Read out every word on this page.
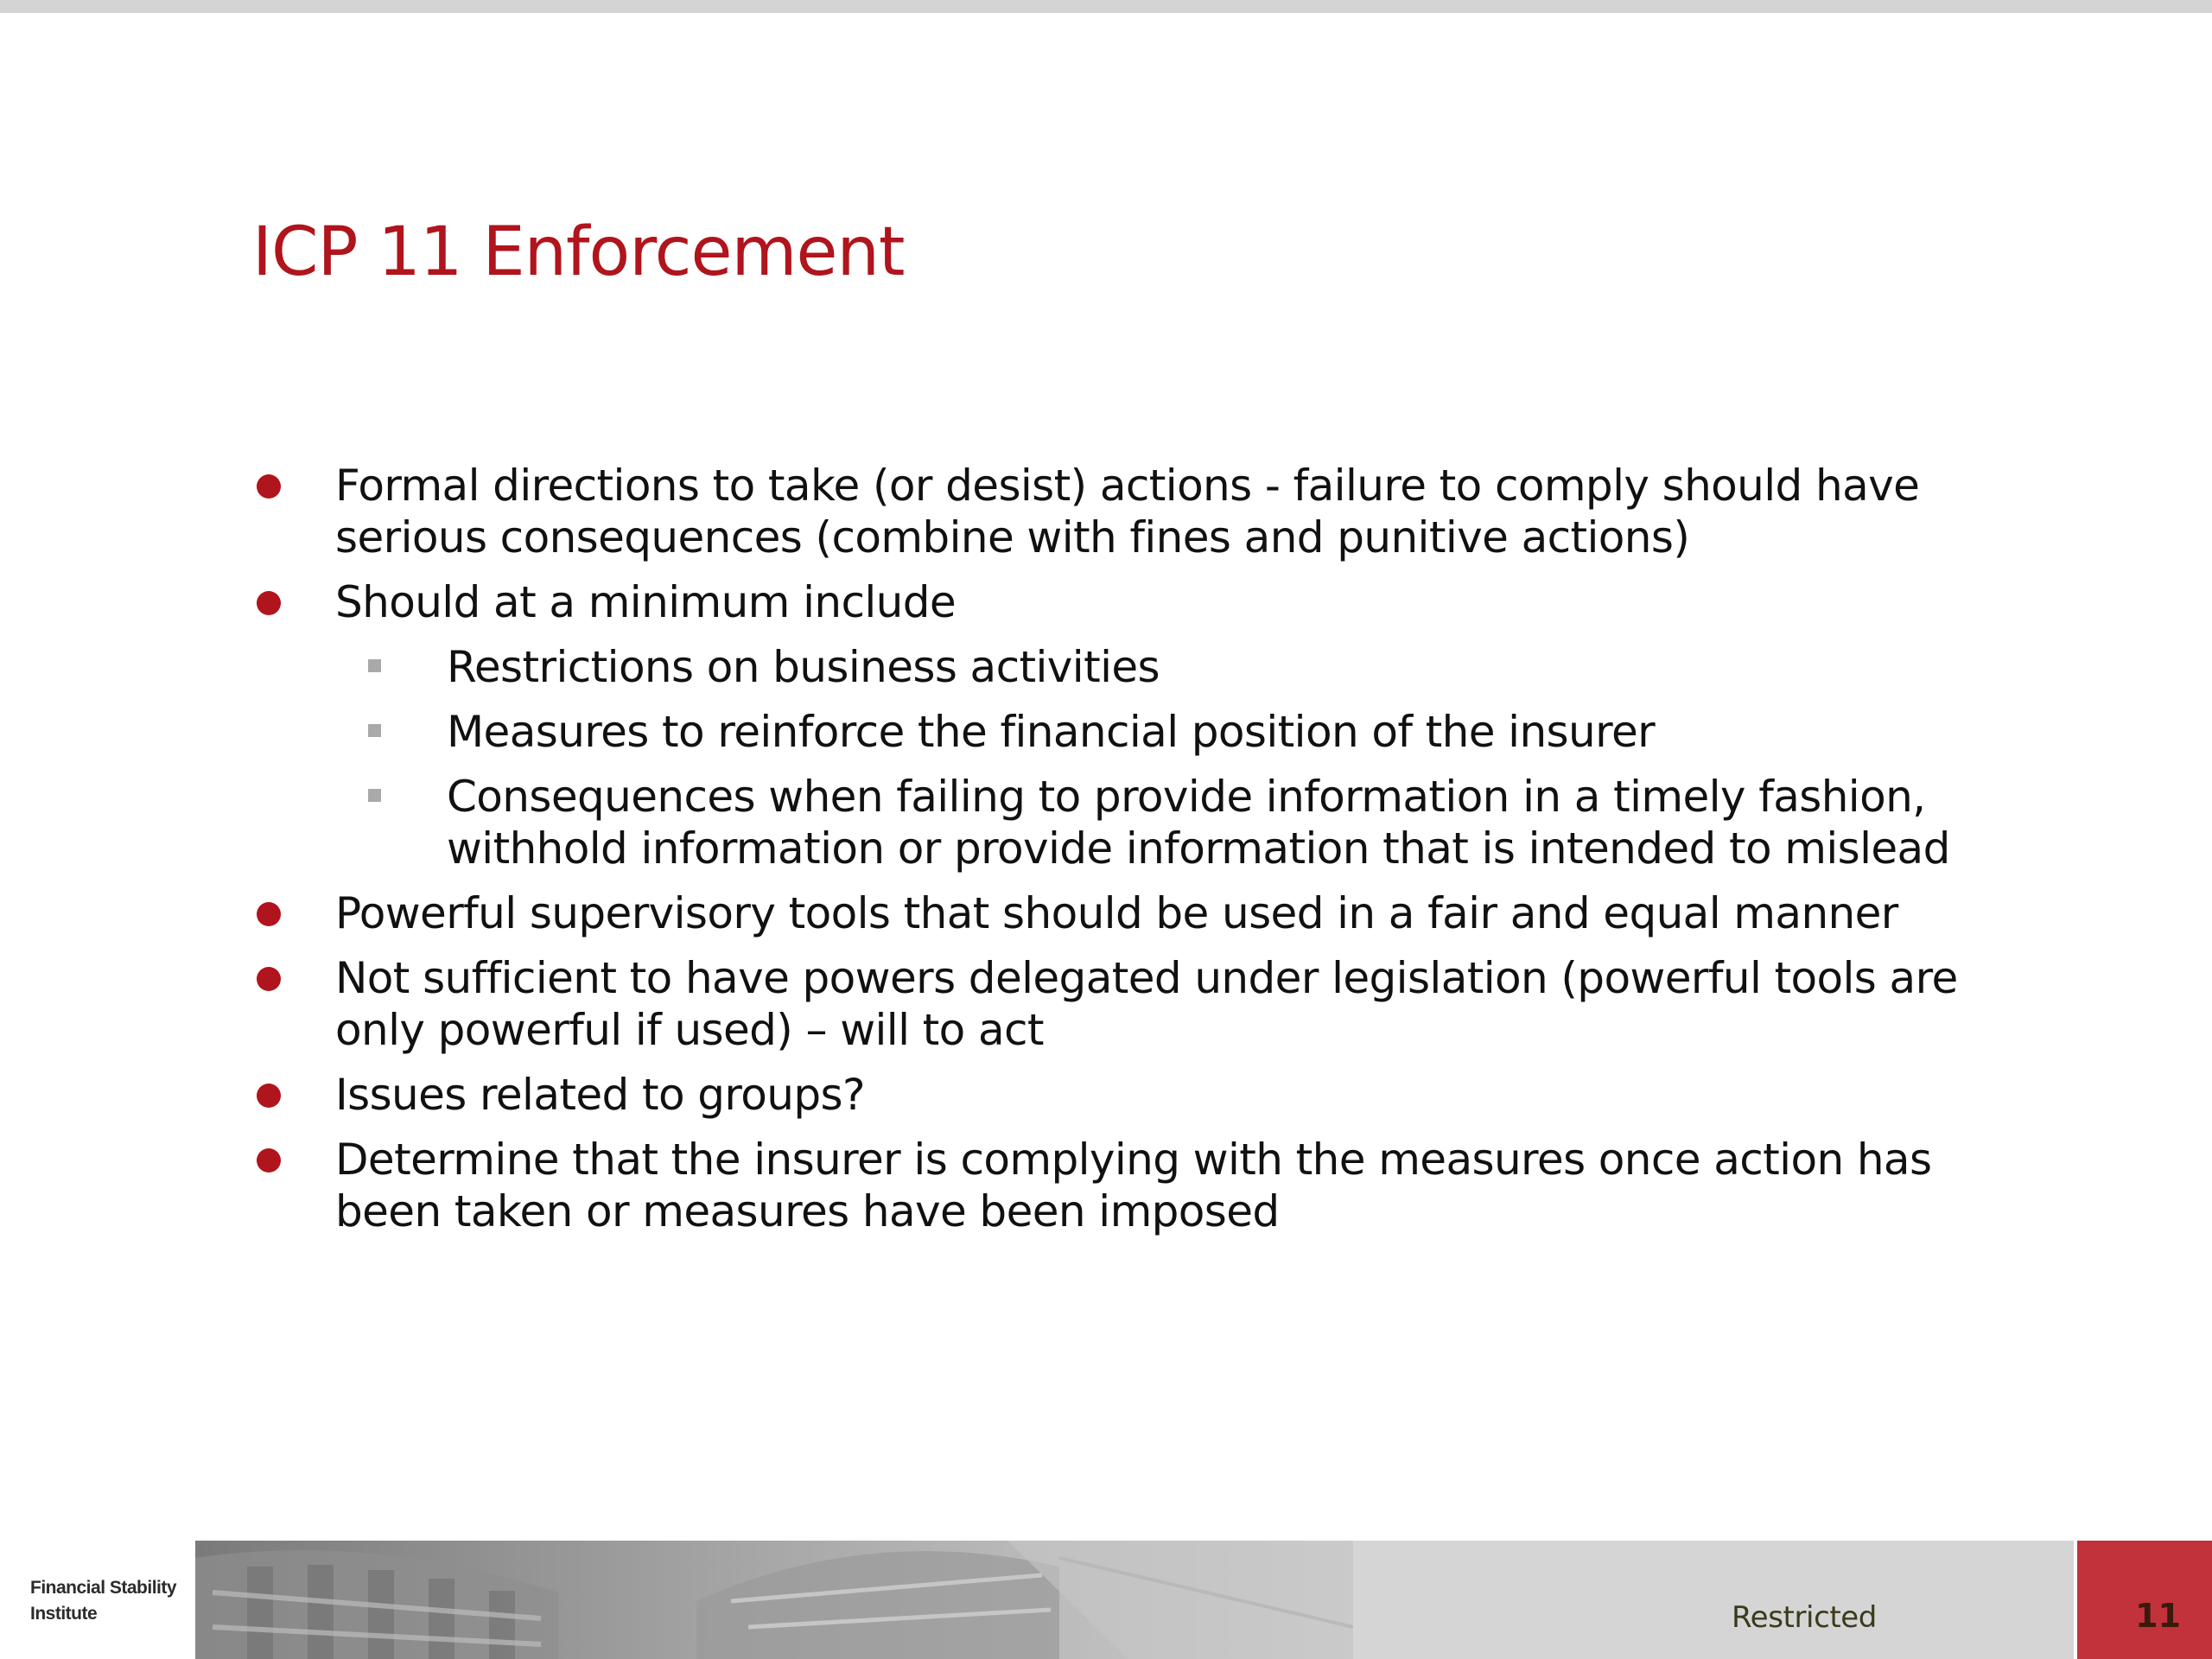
ICP 11 Enforcement
Formal directions to take (or desist) actions - failure to comply should have serious consequences (combine with fines and punitive actions)
Should at a minimum include
Restrictions on business activities
Measures to reinforce the financial position of the insurer
Consequences when failing to provide information in a timely fashion, withhold information or provide information that is intended to mislead
Powerful supervisory tools that should be used in a fair and equal manner
Not sufficient to have powers delegated under legislation (powerful tools are only powerful if used) – will to act
Issues related to groups?
Determine that the insurer is complying with the measures once action has been taken or measures have been imposed
Financial Stability
Institute	Restricted	11
